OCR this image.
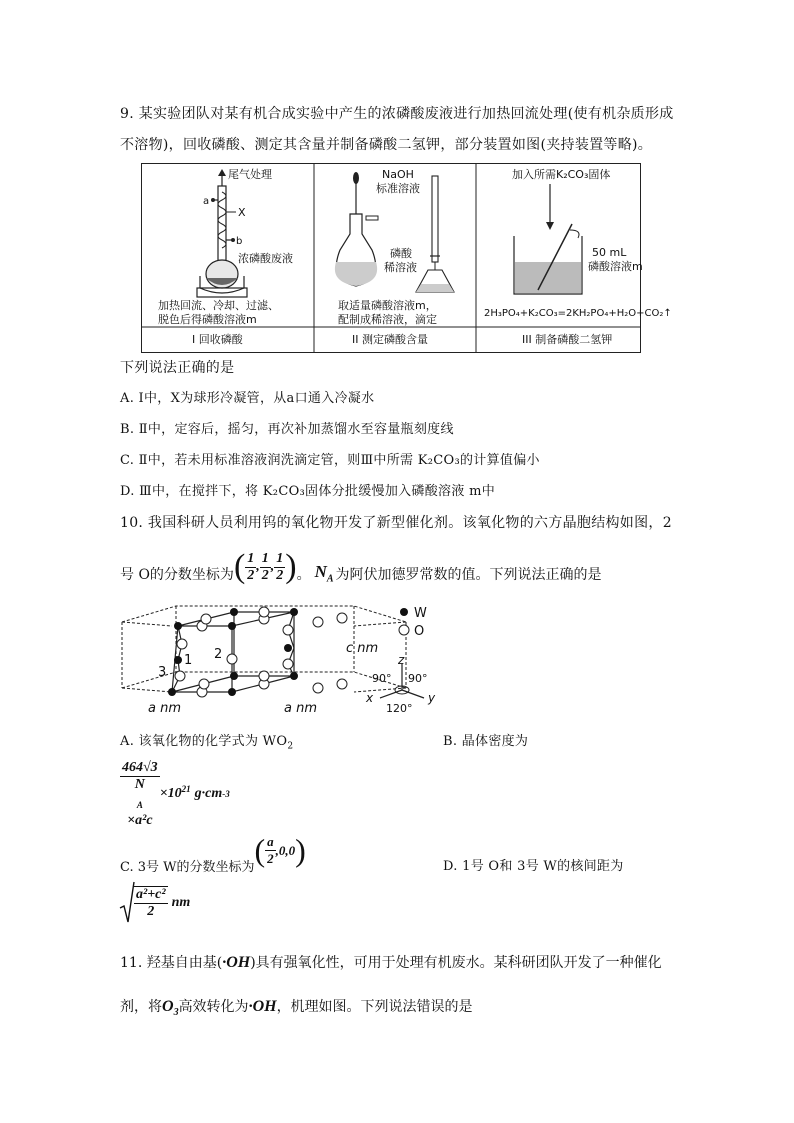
9. 某实验团队对某有机合成实验中产生的浓磷酸废液进行加热回流处理(使有机杂质形成
不溶物)，回收磷酸、测定其含量并制备磷酸二氢钾，部分装置如图(夹持装置等略)。
尾气处理
a
X
b
浓磷酸废液
加热回流、冷却、过滤、
脱色后得磷酸溶液m
I 回收磷酸
NaOH
标准溶液
磷酸
稀溶液
取适量磷酸溶液m，
配制成稀溶液，滴定
II 测定磷酸含量
加入所需K₂CO₃固体
50 mL
磷酸溶液m
2H₃PO₄+K₂CO₃=2KH₂PO₄+H₂O+CO₂↑
III 制备磷酸二氢钾
下列说法正确的是
A. Ⅰ中，X为球形冷凝管，从a口通入冷凝水
B. Ⅱ中，定容后，摇匀，再次补加蒸馏水至容量瓶刻度线
C. Ⅱ中，若未用标准溶液润洗滴定管，则Ⅲ中所需 K₂CO₃的计算值偏小
D. Ⅲ中，在搅拌下，将 K₂CO₃固体分批缓慢加入磷酸溶液 m中
10. 我国科研人员利用钨的氧化物开发了新型催化剂。该氧化物的六方晶胞结构如图，2
号 O的分数坐标为 ( $\frac{1}{2}$ , $\frac{1}{2}$ , $\frac{1}{2}$ ) 。 $N_A$ 为阿伏加德罗常数的值。下列说法正确的是
3
1 2
a nm	a nm
c nm
W
O
z
x	y
90° 90°
120°
A. 该氧化物的化学式为 $WO_2$	B. 晶体密度为
464√3
N
$_A$
$\times a^2c \times 10^{21}$ g·cm -3
C. 3号 W的分数坐标为 ( $\frac{a}{2} ,0,0$ )	D. 1号 O和 3号 W的核间距为
$\frac{\text{a²+c²}}{2}$ nm
11. 羟基自由基(·OH)具有强氧化性，可用于处理有机废水。某科研团队开发了一种催化
剂，将$O_3$高效转化为·OH，机理如图。下列说法错误的是
